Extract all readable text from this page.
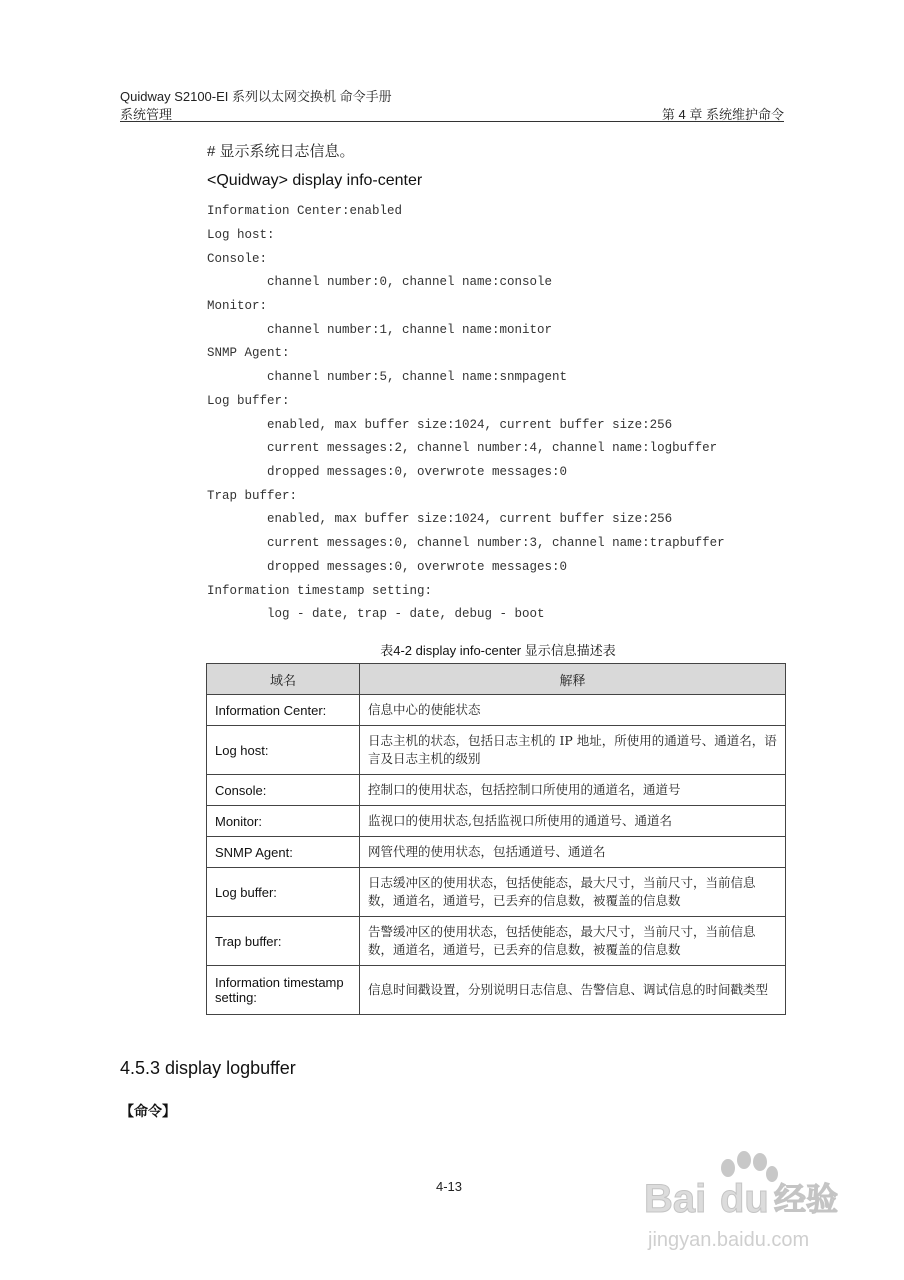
Quidway S2100-EI 系列以太网交换机 命令手册
系统管理	第 4 章 系统维护命令
# 显示系统日志信息。
<Quidway> display info-center
Information Center:enabled
Log host:
Console:
channel number:0, channel name:console
Monitor:
channel number:1, channel name:monitor
SNMP Agent:
channel number:5, channel name:snmpagent
Log buffer:
enabled, max buffer size:1024, current buffer size:256
current messages:2, channel number:4, channel name:logbuffer
dropped messages:0, overwrote messages:0
Trap buffer:
enabled, max buffer size:1024, current buffer size:256
current messages:0, channel number:3, channel name:trapbuffer
dropped messages:0, overwrote messages:0
Information timestamp setting:
log - date, trap - date, debug - boot
表4-2 display info-center 显示信息描述表
域名	解释
Information Center:	信息中心的使能状态
Log host:	日志主机的状态，包括日志主机的 IP 地址，所使用的通道号、通道名，语言及日志主机的级别
Console:	控制口的使用状态，包括控制口所使用的通道名，通道号
Monitor:	监视口的使用状态,包括监视口所使用的通道号、通道名
SNMP Agent:	网管代理的使用状态，包括通道号、通道名
Log buffer:	日志缓冲区的使用状态，包括使能态，最大尺寸，当前尺寸，当前信息数，通道名，通道号，已丢弃的信息数，被覆盖的信息数
Trap buffer:	告警缓冲区的使用状态，包括使能态，最大尺寸，当前尺寸，当前信息数，通道名，通道号，已丢弃的信息数，被覆盖的信息数
Information timestamp setting:	信息时间戳设置，分别说明日志信息、告警信息、调试信息的时间戳类型
4.5.3 display logbuffer
【命令】
4-13	Bai du 经验
jingyan.baidu.com
